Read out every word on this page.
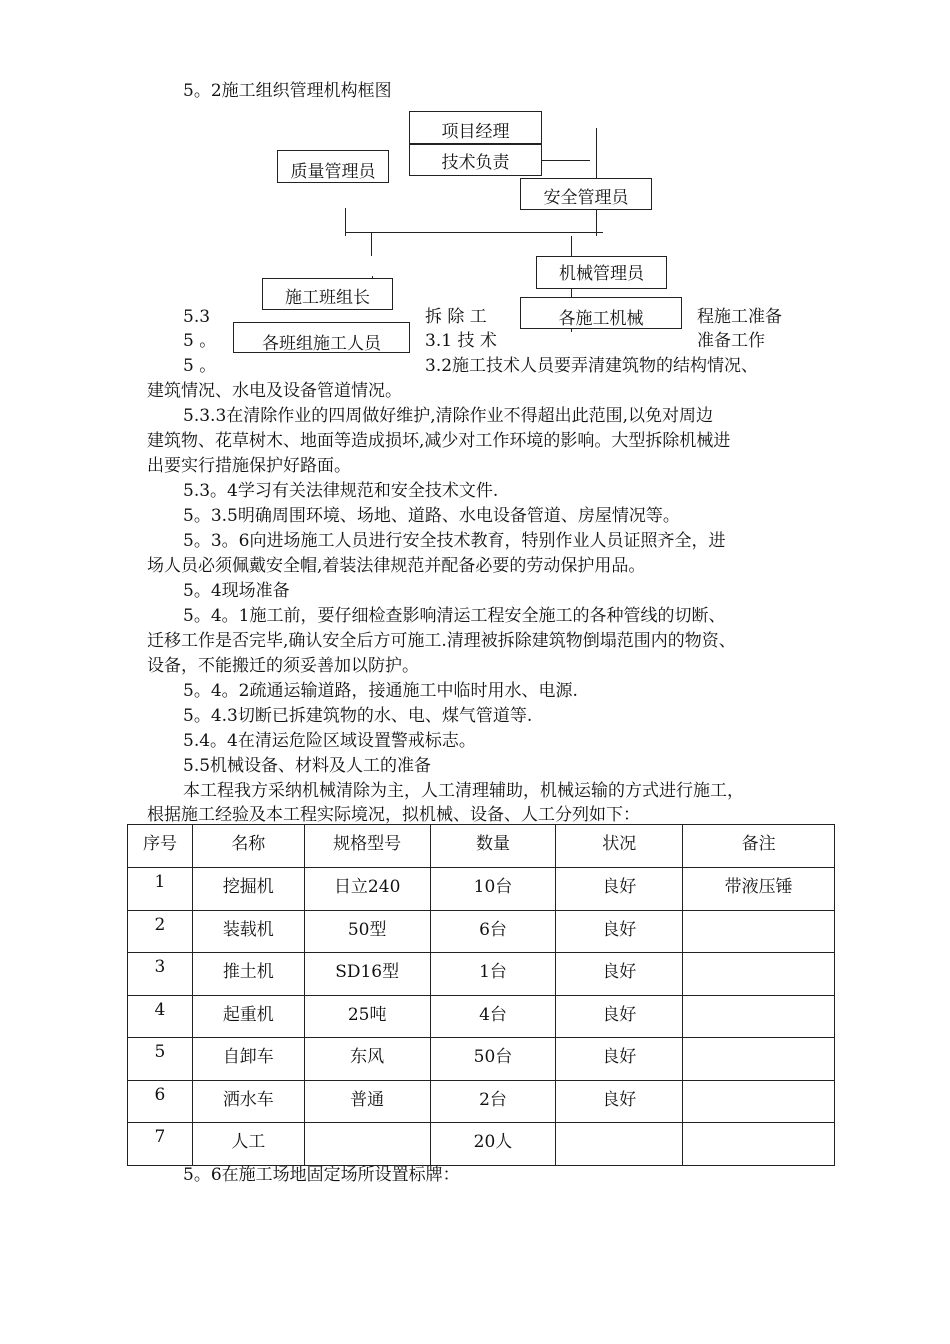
5。2施工组织管理机构框图
项目经理
质量管理员	技术负责
安全管理员
机械管理员
施工班组长
各施工机械
各班组施工人员
5.3	拆 除 工	程施工准备
5 。	3.1 技 术	准备工作
5 。	3.2施工技术人员要弄清建筑物的结构情况、
建筑情况、水电及设备管道情况。
5.3.3在清除作业的四周做好维护,清除作业不得超出此范围,以免对周边
建筑物、花草树木、地面等造成损坏,减少对工作环境的影响。大型拆除机械进
出要实行措施保护好路面。
5.3。4学习有关法律规范和安全技术文件.
5。3.5明确周围环境、场地、道路、水电设备管道、房屋情况等。
5。3。6向进场施工人员进行安全技术教育，特别作业人员证照齐全，进
场人员必须佩戴安全帽,着装法律规范并配备必要的劳动保护用品。
5。4现场准备
5。4。1施工前，要仔细检查影响清运工程安全施工的各种管线的切断、
迁移工作是否完毕,确认安全后方可施工.清理被拆除建筑物倒塌范围内的物资、
设备，不能搬迁的须妥善加以防护。
5。4。2疏通运输道路，接通施工中临时用水、电源.
5。4.3切断已拆建筑物的水、电、煤气管道等.
5.4。4在清运危险区域设置警戒标志。
5.5机械设备、材料及人工的准备
本工程我方采纳机械清除为主，人工清理辅助，机械运输的方式进行施工，
根据施工经验及本工程实际境况，拟机械、设备、人工分列如下：
序号	名称	规格型号	数量	状况	备注
1	挖掘机	日立240	10台	良好	带液压锤
2	装载机	50型	6台	良好	
3	推土机	SD16型	1台	良好	
4	起重机	25吨	4台	良好	
5	自卸车	东风	50台	良好	
6	洒水车	普通	2台	良好	
7	人工		20人		
5。6在施工场地固定场所设置标牌：
